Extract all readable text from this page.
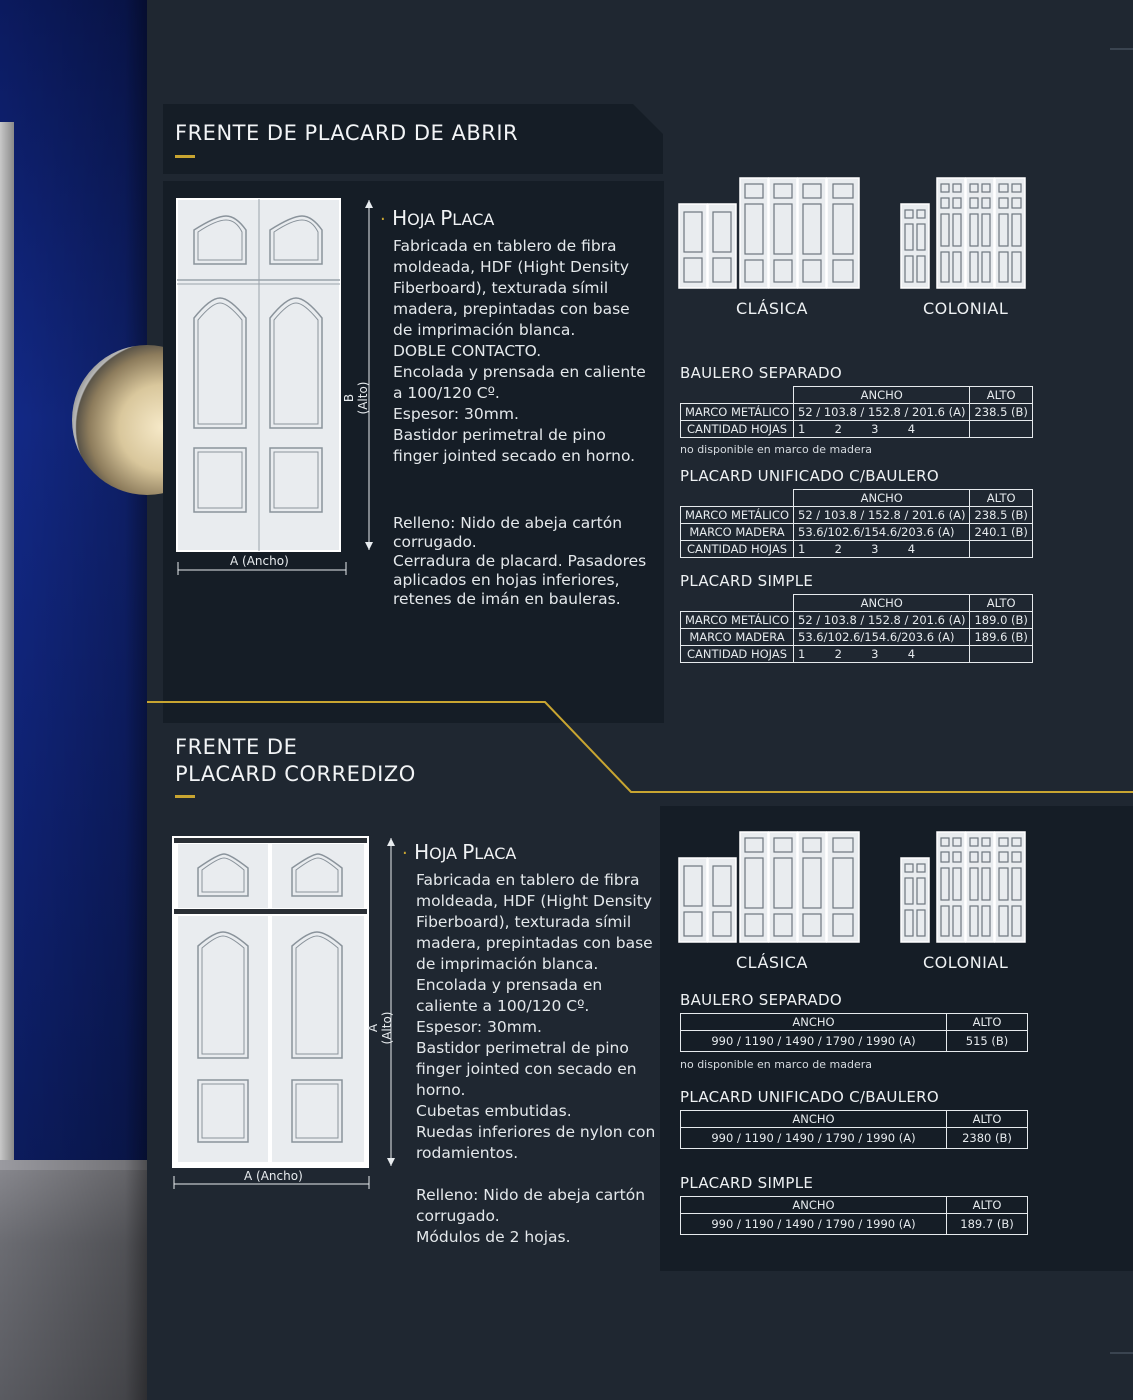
FRENTE DE PLACARD DE ABRIR
B (Alto)
A (Ancho)
· HOJA PLACA
Fabricada en tablero de fibra
moldeada, HDF (Hight Density
Fiberboard), texturada símil
madera, prepintadas con base
de imprimación blanca.
DOBLE CONTACTO.
Encolada y prensada en caliente
a 100/120 Cº.
Espesor: 30mm.
Bastidor perimetral de pino
finger jointed secado en horno.
Relleno: Nido de abeja cartón
corrugado.
Cerradura de placard. Pasadores
aplicados en hojas inferiores,
retenes de imán en bauleras.
CLÁSICA	COLONIAL
BAULERO SEPARADO
	ANCHO	ALTO
MARCO METÁLICO	52 / 103.8 / 152.8 / 201.6 (A)	238.5 (B)
CANTIDAD HOJAS	1        2        3        4	
no disponible en marco de madera
PLACARD UNIFICADO C/BAULERO
	ANCHO	ALTO
MARCO METÁLICO	52 / 103.8 / 152.8 / 201.6 (A)	238.5 (B)
MARCO MADERA	53.6/102.6/154.6/203.6 (A)	240.1 (B)
CANTIDAD HOJAS	1        2        3        4	
PLACARD SIMPLE
	ANCHO	ALTO
MARCO METÁLICO	52 / 103.8 / 152.8 / 201.6 (A)	189.0 (B)
MARCO MADERA	53.6/102.6/154.6/203.6 (A)	189.6 (B)
CANTIDAD HOJAS	1        2        3        4	
FRENTE DE
PLACARD CORREDIZO
A (Alto)
A (Ancho)
· HOJA PLACA
Fabricada en tablero de fibra
moldeada, HDF (Hight Density
Fiberboard), texturada símil
madera, prepintadas con base
de imprimación blanca.
Encolada y prensada en
caliente a 100/120 Cº.
Espesor: 30mm.
Bastidor perimetral de pino
finger jointed con secado en
horno.
Cubetas embutidas.
Ruedas inferiores de nylon con
rodamientos.
Relleno: Nido de abeja cartón
corrugado.
Módulos de 2 hojas.
CLÁSICA	COLONIAL
BAULERO SEPARADO
ANCHO	ALTO
990 / 1190 / 1490 / 1790 / 1990 (A)	515 (B)
no disponible en marco de madera
PLACARD UNIFICADO C/BAULERO
ANCHO	ALTO
990 / 1190 / 1490 / 1790 / 1990 (A)	2380 (B)
PLACARD SIMPLE
ANCHO	ALTO
990 / 1190 / 1490 / 1790 / 1990 (A)	189.7 (B)
